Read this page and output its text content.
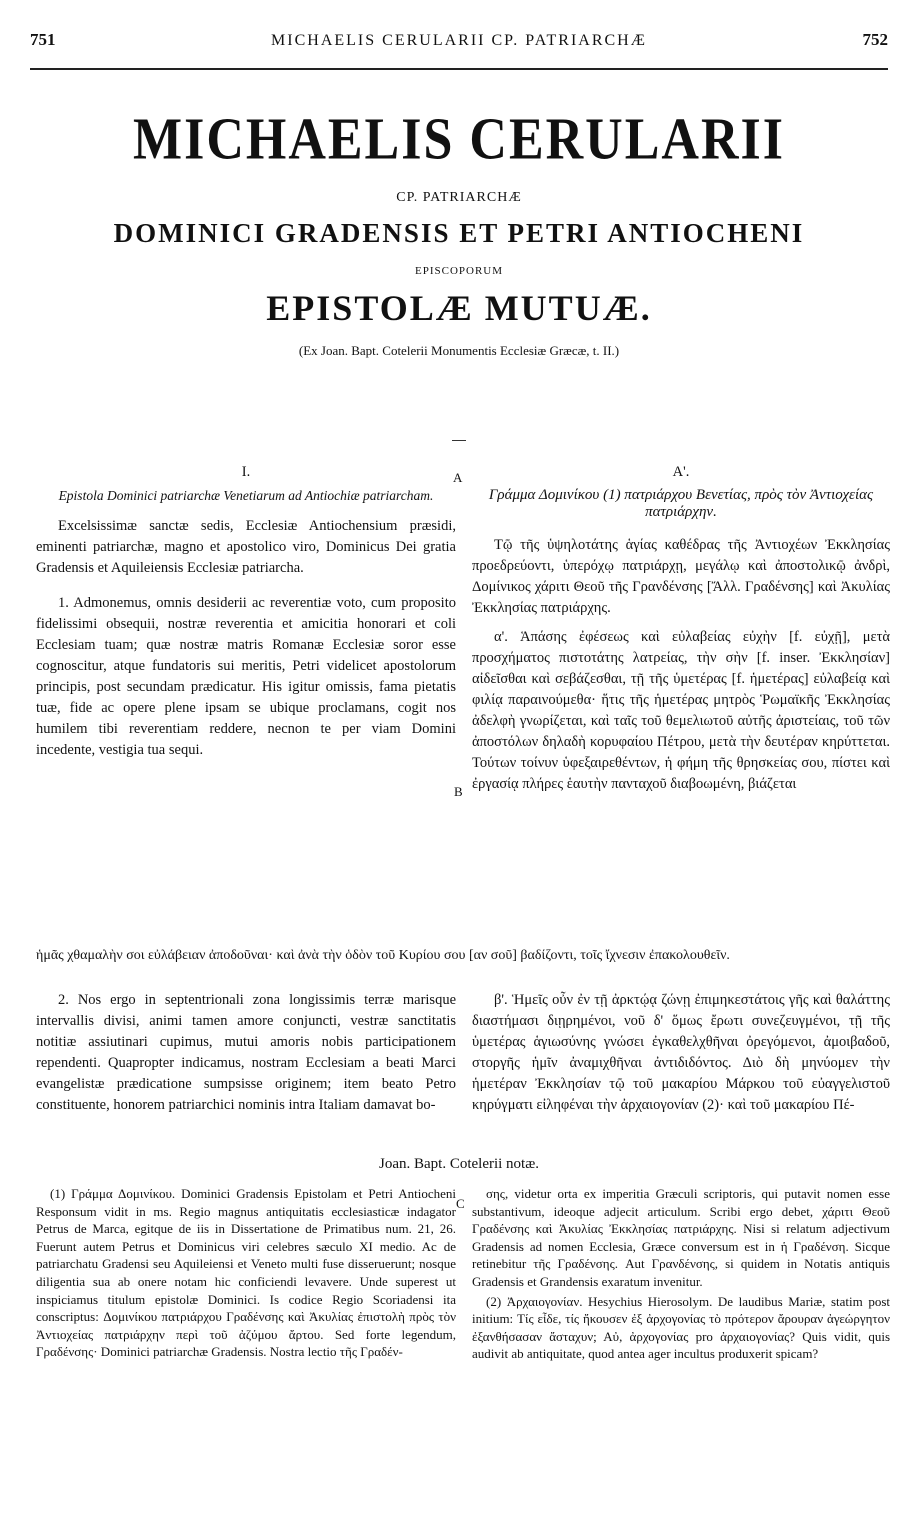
751	MICHAELIS CERULARII CP. PATRIARCHÆ	752
MICHAELIS CERULARII
CP. PATRIARCHÆ
DOMINICI GRADENSIS ET PETRI ANTIOCHENI
EPISCOPORUM
EPISTOLÆ MUTUÆ.
(Ex Joan. Bapt. Cotelerii Monumentis Ecclesiæ Græcæ, t. II.)
A
B
C
I.
Epistola Dominici patriarchæ Venetiarum ad Antiochiæ patriarcham.

Excelsissimæ sanctæ sedis, Ecclesiæ Antiochensium præsidi, eminenti patriarchæ, magno et apostolico viro, Dominicus Dei gratia Gradensis et Aquileiensis Ecclesiæ patriarcha.

1. Admonemus, omnis desiderii ac reverentiæ voto, cum proposito fidelissimi obsequii, nostræ reverentia et amicitia honorari et coli Ecclesiam tuam; quæ nostræ matris Romanæ Ecclesiæ soror esse cognoscitur, atque fundatoris sui meritis, Petri videlicet apostolorum principis, post secundam prædicatur. His igitur omissis, fama pietatis tuæ, fide ac opere plene ipsam se ubique proclamans, cogit nos humilem tibi reverentiam reddere, necnon te per viam Domini incedente, vestigia tua sequi.

Α'.
Γράμμα Δομινίκου (1) πατριάρχου Βενετίας, πρὸς τὸν Ἀντιοχείας πατριάρχην.

Τῷ τῆς ὑψηλοτάτης ἁγίας καθέδρας τῆς Ἀντιοχέων Ἐκκλησίας προεδρεύοντι, ὑπερόχῳ πατριάρχῃ, μεγάλῳ καὶ ἀποστολικῷ ἀνδρὶ, Δομίνικος χάριτι Θεοῦ τῆς Γρανδένσης [Ἄλλ. Γραδένσης] καὶ Ἀκυλίας Ἐκκλησίας πατριάρχης.

α'. Ἁπάσης ἐφέσεως καὶ εὐλαβείας εὐχὴν [f. εὐχῇ], μετὰ προσχήματος πιστοτάτης λατρείας, τὴν σὴν [f. inser. Ἐκκλησίαν] αἰδεῖσθαι καὶ σεβάζεσθαι, τῇ τῆς ὑμετέρας [f. ἡμετέρας] εὐλαβείᾳ καὶ φιλίᾳ παραινούμεθα· ἥτις τῆς ἡμετέρας μητρὸς Ῥωμαϊκῆς Ἐκκλησίας ἀδελφὴ γνωρίζεται, καὶ ταῖς τοῦ θεμελιωτοῦ αὐτῆς ἀριστείαις, τοῦ τῶν ἀποστόλων δηλαδὴ κορυφαίου Πέτρου, μετὰ τὴν δευτέραν κηρύττεται. Τούτων τοίνυν ὑφεξαιρεθέντων, ἡ φήμη τῆς θρησκείας σου, πίστει καὶ ἐργασίᾳ πλήρες ἑαυτὴν πανταχοῦ διαβοωμένη, βιάζεται

ἡμᾶς χθαμαλὴν σοι εὐλάβειαν ἀποδοῦναι· καὶ ἀνὰ τὴν ὁδὸν τοῦ Κυρίου σου [αν σοῦ] βαδίζοντι, τοῖς ἴχνεσιν ἐπακολουθεῖν.

2. Nos ergo in septentrionali zona longissimis terræ marisque intervallis divisi, animi tamen amore conjuncti, vestræ sanctitatis notitiæ assiutinari cupimus, mutui amoris nobis participationem rependenti. Quapropter indicamus, nostram Ecclesiam a beati Marci evangelistæ prædicatione sumpsisse originem; item beato Petro constituente, honorem patriarchici nominis intra Italiam damavat bo-

β'. Ἡμεῖς οὖν ἐν τῇ ἀρκτῴᾳ ζώνῃ ἐπιμηκεστάτοις γῆς καὶ θαλάττης διαστήμασι διῃρημένοι, νοῦ δ' ὅμως ἔρωτι συνεζευγμένοι, τῇ τῆς ὑμετέρας ἁγιωσύνης γνώσει ἐγκαθελχθῆναι ὀρεγόμενοι, ἀμοιβαδοῦ, στοργῆς ἡμῖν ἀναμιχθῆναι ἀντιδιδόντος. Διὸ δὴ μηνύομεν τὴν ἡμετέραν Ἐκκλησίαν τῷ τοῦ μακαρίου Μάρκου τοῦ εὐαγγελιστοῦ κηρύγματι εἰληφέναι τὴν ἀρχαιογονίαν (2)· καὶ τοῦ μακαρίου Πέ-

Joan. Bapt. Cotelerii notæ.

(1) Γράμμα Δομινίκου. Dominici Gradensis Epistolam et Petri Antiocheni Responsum vidit in ms. Regio magnus antiquitatis ecclesiasticæ indagator Petrus de Marca, egitque de iis in Dissertatione de Primatibus num. 21, 26. Fuerunt autem Petrus et Dominicus viri celebres sæculo XI medio. Ac de patriarchatu Gradensi seu Aquileiensi et Veneto multi fuse disseruerunt; nosque diligentia sua ab onere notam hic conficiendi levavere. Unde superest ut inspiciamus titulum epistolæ Dominici. Is codice Regio Scoriadensi ita conscriptus: Δομινίκου πατριάρχου Γραδένσης καὶ Ἀκυλίας ἐπιστολὴ πρὸς τὸν Ἀντιοχείας πατριάρχην περὶ τοῦ ἀζύμου ἄρτου. Sed forte legendum, Γραδένσης· Dominici patriarchæ Gradensis. Nostra lectio τῆς Γραδέν-

σης, videtur orta ex imperitia Græculi scriptoris, qui putavit nomen esse substantivum, ideoque adjecit articulum. Scribi ergo debet, χάριτι Θεοῦ Γραδένσης καὶ Ἀκυλίας Ἐκκλησίας πατριάρχης. Nisi si relatum adjectivum Gradensis ad nomen Ecclesia, Græce conversum est in ἡ Γραδένση. Sicque retinebitur τῆς Γραδένσης. Aut Γρανδένσης, si quidem in Notatis antiquis Gradensis et Grandensis exaratum invenitur.

(2) Ἀρχαιογονίαν. Hesychius Hierosolym. De laudibus Mariæ, statim post initium: Τίς εἶδε, τίς ἤκουσεν ἐξ ἀρχογονίας τὸ πρότερον ἄρουραν ἀγεώργητον ἐξανθήσασαν ἄσταχυν; Αὐ, ἀρχογονίας pro ἀρχαιογονίας? Quis vidit, quis audivit ab antiquitate, quod antea ager incultus produxerit spicam?
